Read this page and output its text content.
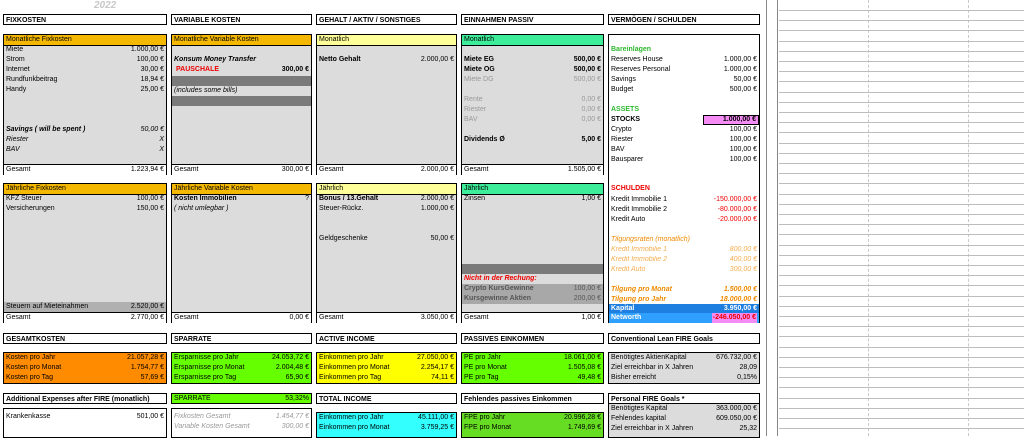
2022
FIXKOSTEN	VARIABLE KOSTEN	GEHALT / AKTIV / SONSTIGES	EINNAHMEN PASSIV	VERMÖGEN / SCHULDEN
Monatliche Fixkosten
Miete	1.000,00 €
Strom	100,00 €
Internet	30,00 €
Rundfunkbeitrag	18,94 €
Handy	25,00 €
Savings ( will be spent )	50,00 €
Riester	X
BAV	X
Gesamt	1.223,94 €
Monatliche Variable Kosten
Konsum Money Transfer
PAUSCHALE	300,00 €
(includes some bills)
Gesamt	300,00 €
Monatlich
Netto Gehalt	2.000,00 €
Gesamt	2.000,00 €
Monatlich
Miete EG	500,00 €
Miete OG	500,00 €
Miete DG	500,00 €
Rente	0,00 €
Riester	0,00 €
BAV	0,00 €
Dividends Ø	5,00 €
Gesamt	1.505,00 €
Jährliche Fixkosten
KFZ Steuer	100,00 €
Versicherungen	150,00 €
Steuern auf Mieteinahmen	2.520,00 €
Gesamt	2.770,00 €
Jährliche Variable Kosten
Kosten Immobilien	?
( nicht umlegbar )
Gesamt	0,00 €
Jährlich
Bonus / 13.Gehalt	2.000,00 €
Steuer-Rückz.	1.000,00 €
Geldgeschenke	50,00 €
Gesamt	3.050,00 €
Jährlich
Zinsen	1,00 €
Nicht in der Rechung:
Crypto KursGewinne	100,00 €
Kursgewinne Aktien	200,00 €
Gesamt	1,00 €
Bareinlagen
Reserves House	1.000,00 €
Reserves Personal	1.000,00 €
Savings	50,00 €
Budget	500,00 €
ASSETS
STOCKS	1.000,00 €
Crypto	100,00 €
Riester	100,00 €
BAV	100,00 €
Bausparer	100,00 €
SCHULDEN
Kredit Immobilie 1	-150.000,00 €
Kredit Immobilie 2	-80.000,00 €
Kredit Auto	-20.000,00 €
Tilgungsraten (monatlich)
Kredit Immobilie 1	800,00 €
Kredit Immobilie 2	400,00 €
Kredit Auto	300,00 €
Tilgung pro Monat	1.500,00 €
Tilgung pro Jahr	18.000,00 €
Kapital	3.950,00 €
Networth	-246.050,00 €
GESAMTKOSTEN	SPARRATE	ACTIVE INCOME	PASSIVES EINKOMMEN	Conventional Lean FIRE Goals
Kosten pro Jahr	21.057,28 €
Kosten pro Monat	1.754,77 €
Kosten pro Tag	57,69 €
Ersparnisse pro Jahr	24.053,72 €
Ersparnisse pro Monat	2.004,48 €
Ersparnisse pro Tag	65,90 €
Einkommen pro Jahr	27.050,00 €
Einkommen pro Monat	2.254,17 €
Einkommen pro Tag	74,11 €
PE pro Jahr	18.061,00 €
PE pro Monat	1.505,08 €
PE pro Tag	49,48 €
Benötigtes AktienKapital	676.732,00 €
Ziel erreichbar in X Jahren	28,09
Bisher erreicht	0,15%
Additional Expenses after FIRE (monatlich)
Krankenkasse	501,00 €
SPARRATE	53,32%
Fixkosten Gesamt	1.454,77 €
Variable Kosten Gesamt	300,00 €
TOTAL INCOME
Einkommen pro Jahr	45.111,00 €
Einkommen pro Monat	3.759,25 €
Fehlendes passives Einkommen
FPE pro Jahr	20.996,28 €
FPE pro Monat	1.749,69 €
Personal FIRE Goals *
Benötigtes Kapital	363.000,00 €
Fehlendes kapital	609.050,00 €
Ziel erreichbar in X Jahren	25,32
